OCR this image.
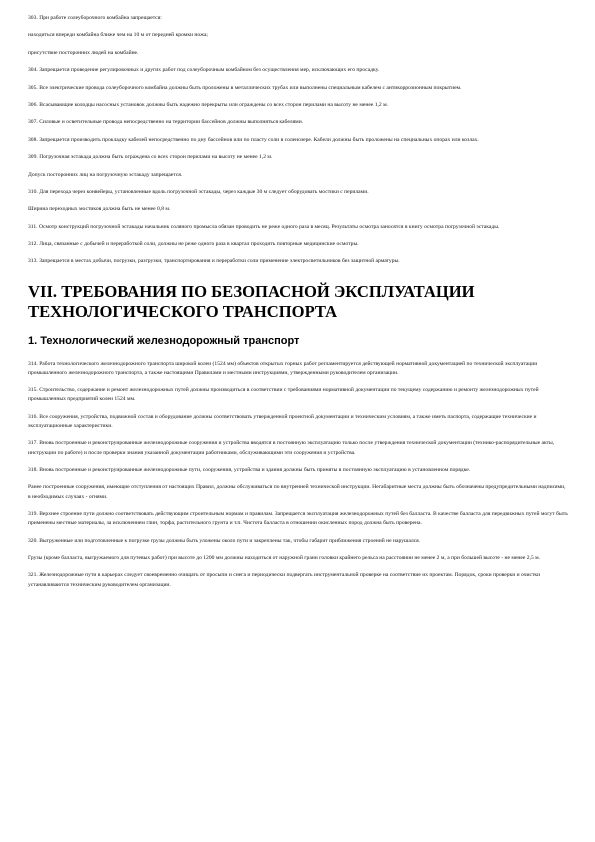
303. При работе солеуборочного комбайна запрещается:

находиться впереди комбайна ближе чем на 10 м от передней кромки ножа;

присутствие посторонних людей на комбайне.

304. Запрещается проведение регулировочных и других работ под солеуборочным комбайном без осуществления мер, исключающих его просадку.

305. Все электрические провода солеуборочного комбайна должны быть проложены в металлических трубах или выполнены специальным кабелем с антикоррозионным покрытием.

306. Всасывающие колодцы насосных установок должны быть надежно перекрыты или ограждены со всех сторон перилами на высоту не менее 1,2 м.

307. Силовые и осветительные провода непосредственно на территории бассейнов должны выполняться кабелями.

308. Запрещается производить прокладку кабелей непосредственно по дну бассейнов или по пласту соли в соленозере. Кабели должны быть проложены на специальных опорах или козлах.

309. Погрузочная эстакада должна быть ограждена со всех сторон перилами на высоту не менее 1,2 м.

Допуск посторонних лиц на погрузочную эстакаду запрещается.

310. Для перехода через конвейеры, установленные вдоль погрузочной эстакады, через каждые 30 м следует оборудовать мостики с перилами.

Ширина переходных мостиков должна быть не менее 0,8 м.

311. Осмотр конструкций погрузочной эстакады начальник соляного промысла обязан проводить не реже одного раза в месяц. Результаты осмотра заносятся в книгу осмотра погрузочной эстакады.

312. Лица, связанные с добычей и переработкой соли, должны не реже одного раза в квартал проходить повторные медицинские осмотры.

313. Запрещается в местах добычи, погрузки, разгрузки, транспортирования и переработки соли применение электросветильников без защитной арматуры.

VII. ТРЕБОВАНИЯ ПО БЕЗОПАСНОЙ ЭКСПЛУАТАЦИИ ТЕХНОЛОГИЧЕСКОГО ТРАНСПОРТА
1. Технологический железнодорожный транспорт

314. Работа технологического железнодорожного транспорта широкой колеи (1524 мм) объектов открытых горных работ регламентируется действующей нормативной документацией по технической эксплуатации промышленного железнодорожного транспорта, а также настоящими Правилами и местными инструкциями, утвержденными руководителем организации.

315. Строительство, содержание и ремонт железнодорожных путей должны производиться в соответствии с требованиями нормативной документации по текущему содержанию и ремонту железнодорожных путей промышленных предприятий колеи 1524 мм.

316. Все сооружения, устройства, подвижной состав и оборудование должны соответствовать утвержденной проектной документации и техническим условиям, а также иметь паспорта, содержащие технические и эксплуатационные характеристики.

317. Вновь построенные и реконструированные железнодорожные сооружения и устройства вводятся в постоянную эксплуатацию только после утверждения технической документации (технико-распорядительные акты, инструкции по работе) и после проверки знания указанной документации работниками, обслуживающими эти сооружения и устройства.

318. Вновь построенные и реконструированные железнодорожные пути, сооружения, устройства и здания должны быть приняты в постоянную эксплуатацию в установленном порядке.

Ранее построенные сооружения, имеющие отступления от настоящих Правил, должны обслуживаться по внутренней технической инструкции. Негабаритные места должны быть обозначены предупредительными надписями, в необходимых случаях - огнями.

319. Верхнее строение пути должно соответствовать действующим строительным нормам и правилам. Запрещается эксплуатация железнодорожных путей без балласта. В качестве балласта для передвижных путей могут быть применены местные материалы, за исключением глин, торфа, растительного грунта и т.п. Чистота балласта в отношении окисленных пород должна быть проверена.

320. Выгруженные или подготовленные к погрузке грузы должны быть уложены около пути и закреплены так, чтобы габарит приближения строений не нарушался.

Грузы (кроме балласта, выгружаемого для путевых работ) при высоте до 1200 мм должны находиться от наружной грани головки крайнего рельса на расстоянии не менее 2 м, а при большей высоте - не менее 2,5 м.

321. Железнодорожные пути в карьерах следует своевременно очищать от просыпи и снега и периодически подвергать инструментальной проверке на соответствие их проектам. Порядок, сроки проверки и очистки устанавливаются техническим руководителем организации.
